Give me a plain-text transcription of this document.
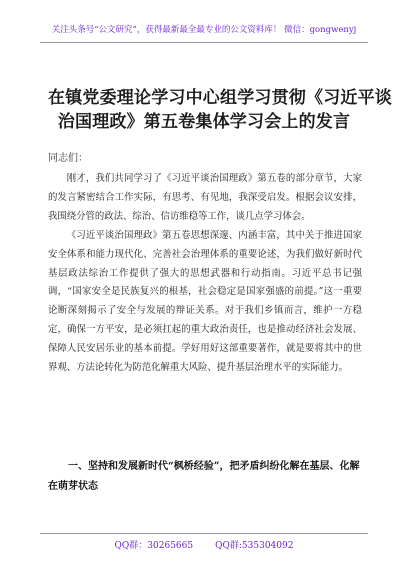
关注头条号“公文研究”，获得最新最全最专业的公文资料库！ 微信：gongwenyj
在镇党委理论学习中心组学习贯彻《习近平谈
治国理政》第五卷集体学习会上的发言
同志们：

刚才，我们共同学习了《习近平谈治国理政》第五卷的部分章节，大家的发言紧密结合工作实际，有思考、有见地，我深受启发。根据会议安排，我围绕分管的政法、综治、信访维稳等工作，谈几点学习体会。

《习近平谈治国理政》第五卷思想深邃、内涵丰富，其中关于推进国家安全体系和能力现代化、完善社会治理体系的重要论述，为我们做好新时代基层政法综治工作提供了强大的思想武器和行动指南。习近平总书记强调，“国家安全是民族复兴的根基，社会稳定是国家强盛的前提。”这一重要论断深刻揭示了安全与发展的辩证关系。对于我们乡镇而言，维护一方稳定，确保一方平安，是必须扛起的重大政治责任，也是推动经济社会发展、保障人民安居乐业的基本前提。学好用好这部重要著作，就是要将其中的世界观、方法论转化为防范化解重大风险、提升基层治理水平的实际能力。

一、坚持和发展新时代“枫桥经验”，把矛盾纠纷化解在基层、化解在萌芽状态
QQ群：30265665 QQ群:535304092
